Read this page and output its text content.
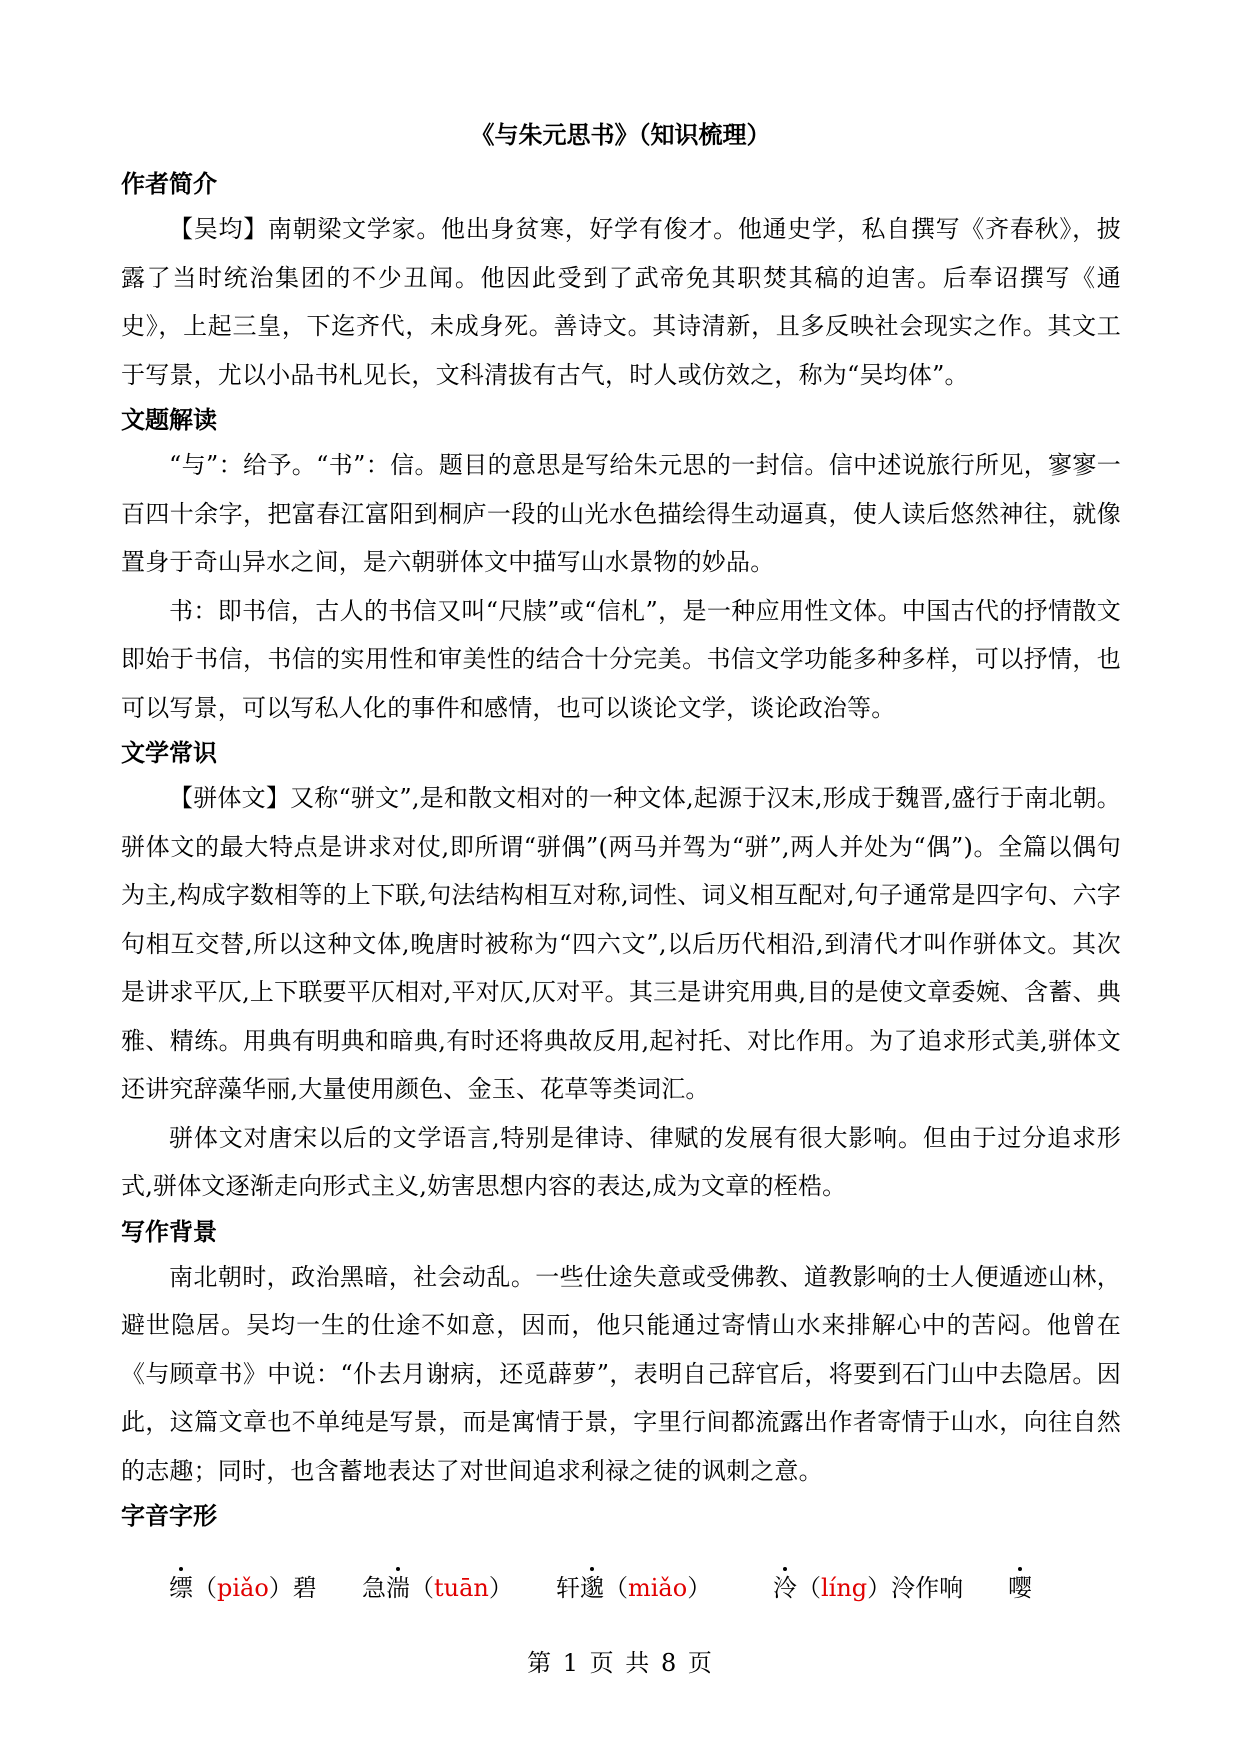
《与朱元思书》（知识梳理）
作者简介

【吴均】南朝梁文学家。他出身贫寒，好学有俊才。他通史学，私自撰写《齐春秋》，披露了当时统治集团的不少丑闻。他因此受到了武帝免其职焚其稿的迫害。后奉诏撰写《通史》，上起三皇，下迄齐代，未成身死。善诗文。其诗清新，且多反映社会现实之作。其文工于写景，尤以小品书札见长，文科清拔有古气，时人或仿效之，称为“吴均体”。

文题解读

“与”：给予。“书”：信。题目的意思是写给朱元思的一封信。信中述说旅行所见，寥寥一百四十余字，把富春江富阳到桐庐一段的山光水色描绘得生动逼真，使人读后悠然神往，就像置身于奇山异水之间，是六朝骈体文中描写山水景物的妙品。

书：即书信，古人的书信又叫“尺牍”或“信札”，是一种应用性文体。中国古代的抒情散文即始于书信，书信的实用性和审美性的结合十分完美。书信文学功能多种多样，可以抒情，也可以写景，可以写私人化的事件和感情，也可以谈论文学，谈论政治等。

文学常识

【骈体文】又称“骈文”,是和散文相对的一种文体,起源于汉末,形成于魏晋,盛行于南北朝。骈体文的最大特点是讲求对仗,即所谓“骈偶”(两马并驾为“骈”,两人并处为“偶”)。全篇以偶句为主,构成字数相等的上下联,句法结构相互对称,词性、词义相互配对,句子通常是四字句、六字句相互交替,所以这种文体,晚唐时被称为“四六文”,以后历代相沿,到清代才叫作骈体文。其次是讲求平仄,上下联要平仄相对,平对仄,仄对平。其三是讲究用典,目的是使文章委婉、含蓄、典雅、精练。用典有明典和暗典,有时还将典故反用,起衬托、对比作用。为了追求形式美,骈体文还讲究辞藻华丽,大量使用颜色、金玉、花草等类词汇。

骈体文对唐宋以后的文学语言,特别是律诗、律赋的发展有很大影响。但由于过分追求形式,骈体文逐渐走向形式主义,妨害思想内容的表达,成为文章的桎梏。

写作背景

南北朝时，政治黑暗，社会动乱。一些仕途失意或受佛教、道教影响的士人便遁迹山林，避世隐居。吴均一生的仕途不如意，因而，他只能通过寄情山水来排解心中的苦闷。他曾在《与顾章书》中说：“仆去月谢病，还觅薜萝”，表明自己辞官后，将要到石门山中去隐居。因此，这篇文章也不单纯是写景，而是寓情于景，字里行间都流露出作者寄情于山水，向往自然的志趣；同时，也含蓄地表达了对世间追求利禄之徒的讽刺之意。

字音字形
缥（piǎo）碧 急湍（tuān） 轩邈（miǎo）	泠（líng）泠作响 嘤
第 1 页 共 8 页
